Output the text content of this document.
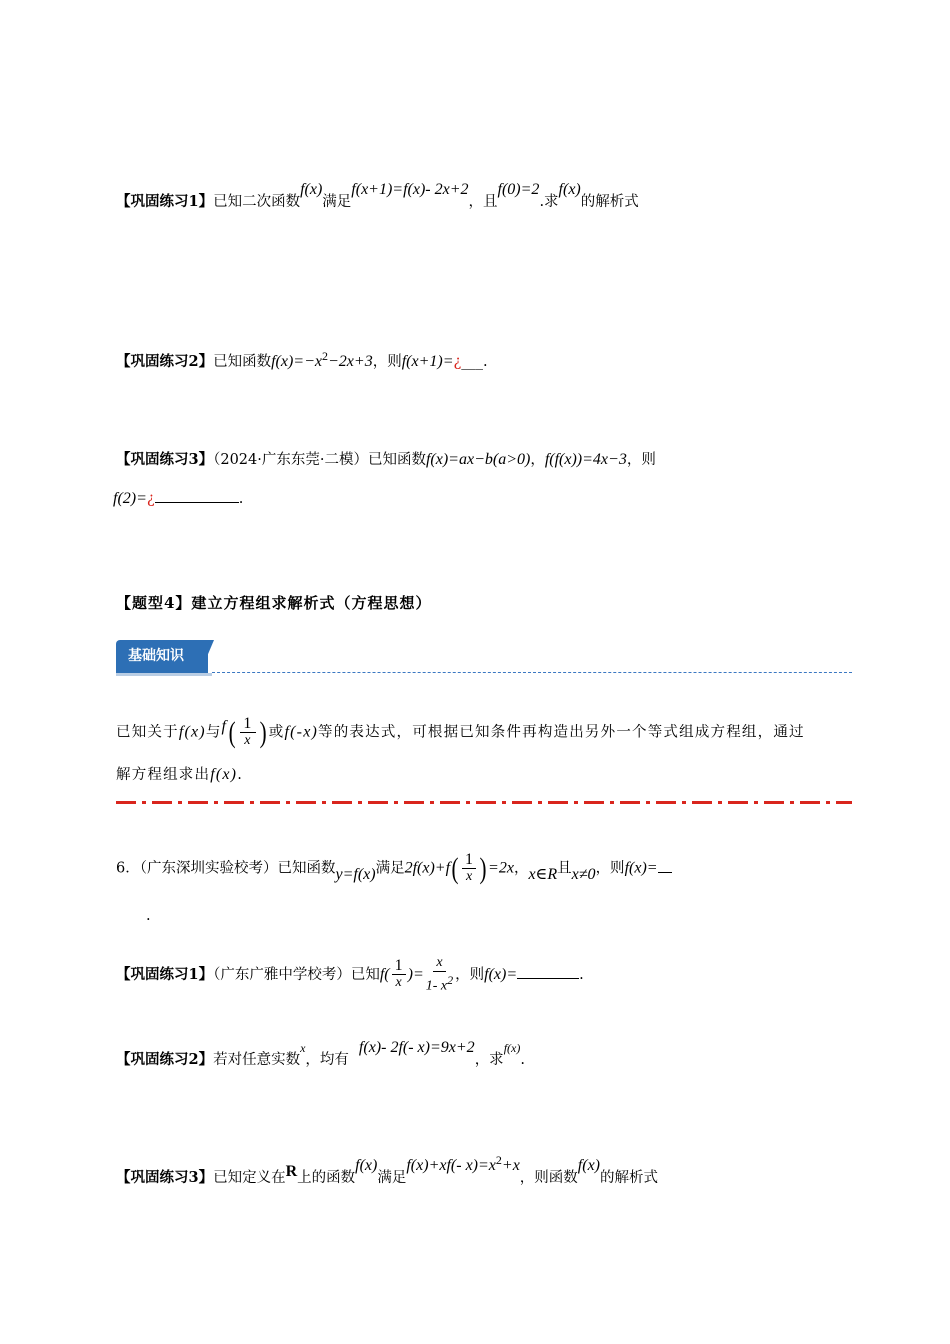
【巩固练习1】已知二次函数f(x)满足f(x+1)=f(x)- 2x+2，且f(0)=2.求f(x)的解析式
【巩固练习2】已知函数$f(x)=-x^2-2x+3$，则f(x+1)=¿___.
【巩固练习3】（2024·广东东莞·二模）已知函数f(x)=ax−b(a>0)，f(f(x))=4x−3，则
f(2)=¿	.
【题型4】建立方程组求解析式（方程思想）
基础知识
已知关于f(x)与$f( \frac{1}{x}$ ) 或f(-x)等的表达式，可根据已知条件再构造出另外一个等式组成方程组，通过
解方程组求出f(x).
6．（广东深圳实验校考）已知函数y=f(x)满足$2f(x)+f( \frac{1}{x} )=2x$，x∈R且x≠0，则f(x)=
.
【巩固练习1】（广东广雅中学校考）已知$f( \frac{1}{x}$ )= $\frac{x}{1- x^2}$ ，则f(x)=	.
【巩固练习2】若对任意实数$^x$，均有f(x)- 2f(- x)=9x+2，求$^{f(x)}$.
【巩固练习3】已知定义在R上的函数f(x)满足f(x)+xf(- $x)=x^2+x$，则函数f(x)的解析式
